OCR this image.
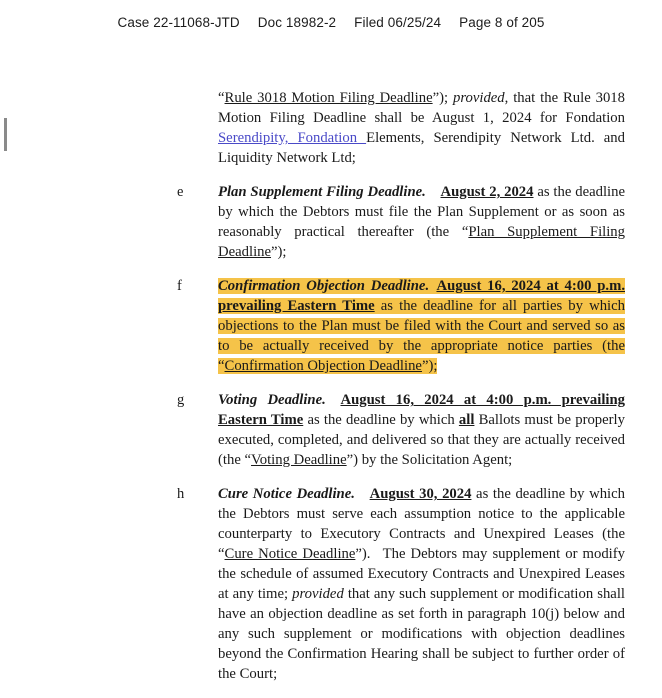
Case 22-11068-JTD Doc 18982-2 Filed 06/25/24 Page 8 of 205
“Rule 3018 Motion Filing Deadline”); provided, that the Rule 3018 Motion Filing Deadline shall be August 1, 2024 for Fondation Serendipity, Fondation Elements, Serendipity Network Ltd. and Liquidity Network Ltd;
e	Plan Supplement Filing Deadline.  August 2, 2024 as the deadline by which the Debtors must file the Plan Supplement or as soon as reasonably practical thereafter (the “Plan Supplement Filing Deadline”);
f	Confirmation Objection Deadline.  August 16, 2024 at 4:00 p.m. prevailing Eastern Time as the deadline for all parties by which objections to the Plan must be filed with the Court and served so as to be actually received by the appropriate notice parties (the “Confirmation Objection Deadline”);
g	Voting Deadline.  August 16, 2024 at 4:00 p.m. prevailing Eastern Time as the deadline by which all Ballots must be properly executed, completed, and delivered so that they are actually received (the “Voting Deadline”) by the Solicitation Agent;
h	Cure Notice Deadline.  August 30, 2024 as the deadline by which the Debtors must serve each assumption notice to the applicable counterparty to Executory Contracts and Unexpired Leases (the “Cure Notice Deadline”).  The Debtors may supplement or modify the schedule of assumed Executory Contracts and Unexpired Leases at any time; provided that any such supplement or modification shall have an objection deadline as set forth in paragraph 10(j) below and any such supplement or modifications with objection deadlines beyond the Confirmation Hearing shall be subject to further order of the Court;
